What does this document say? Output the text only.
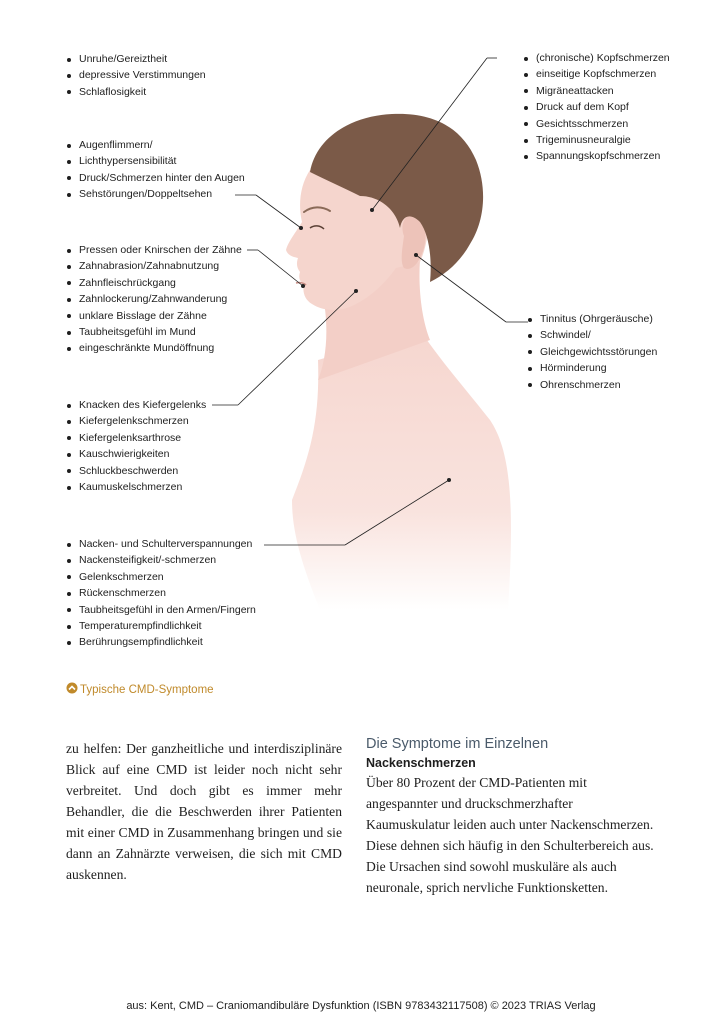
Unruhe/Gereiztheit
depressive Verstimmungen
Schlaflosigkeit
Augenflimmern/
Lichthypersensibilität
Druck/Schmerzen hinter den Augen
Sehstörungen/Doppeltsehen
Pressen oder Knirschen der Zähne
Zahnabrasion/Zahnabnutzung
Zahnfleischrückgang
Zahnlockerung/Zahnwanderung
unklare Bisslage der Zähne
Taubheitsgefühl im Mund
eingeschränkte Mundöffnung
Knacken des Kiefergelenks
Kiefergelenkschmerzen
Kiefergelenksarthrose
Kauschwierigkeiten
Schluckbeschwerden
Kaumuskelschmerzen
Nacken- und Schulterverspannungen
Nackensteifigkeit/-schmerzen
Gelenkschmerzen
Rückenschmerzen
Taubheitsgefühl in den Armen/Fingern
Temperaturempfindlichkeit
Berührungsempfindlichkeit
(chronische) Kopfschmerzen
einseitige Kopfschmerzen
Migräneattacken
Druck auf dem Kopf
Gesichtsschmerzen
Trigeminusneuralgie
Spannungskopfschmerzen
Tinnitus (Ohrgeräusche)
Schwindel/
Gleichgewichtsstörungen
Hörminderung
Ohrenschmerzen
Typische CMD-Symptome

zu helfen: Der ganzheitliche und interdisziplinäre Blick auf eine CMD ist leider noch nicht sehr verbreitet. Und doch gibt es immer mehr Behandler, die die Beschwerden ihrer Patienten mit einer CMD in Zusammenhang bringen und sie dann an Zahnärzte verweisen, die sich mit CMD auskennen.

Die Symptome im Einzelnen
Nackenschmerzen

Über 80 Prozent der CMD-Patienten mit angespannter und druckschmerzhafter Kaumuskulatur leiden auch unter Nackenschmerzen. Diese dehnen sich häufig in den Schulterbereich aus. Die Ursachen sind sowohl muskuläre als auch neuronale, sprich nervliche Funktionsketten.

aus: Kent, CMD – Craniomandibuläre Dysfunktion (ISBN 9783432117508) © 2023 TRIAS Verlag
